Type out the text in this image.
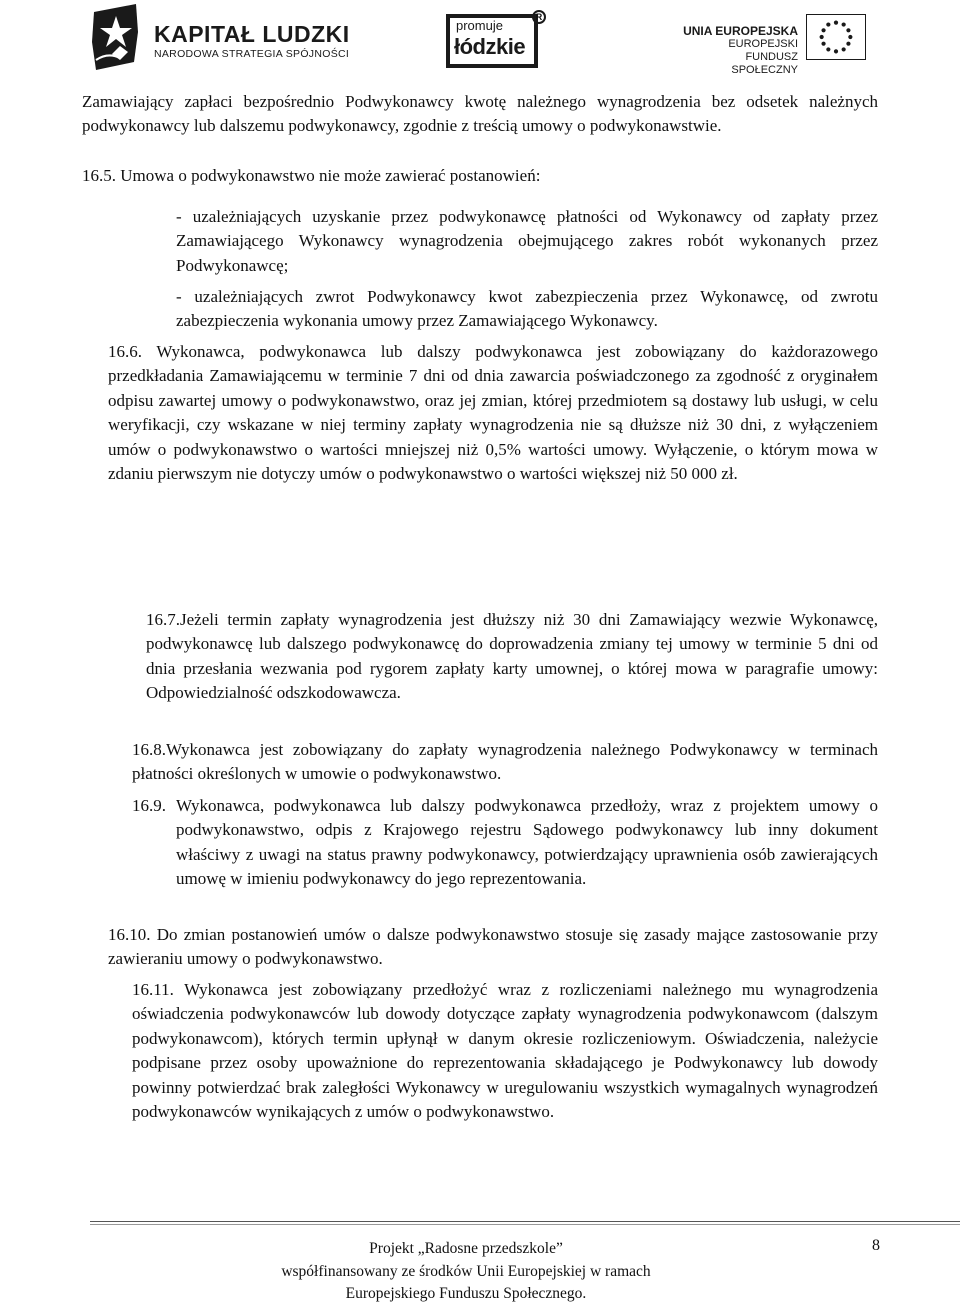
KAPITAŁ LUDZKI
NARODOWA STRATEGIA SPÓJNOŚCI
promuje
łódzkie
R
UNIA EUROPEJSKA
EUROPEJSKI
FUNDUSZ SPOŁECZNY
Zamawiający zapłaci bezpośrednio Podwykonawcy kwotę należnego wynagrodzenia bez odsetek należnych podwykonawcy lub dalszemu podwykonawcy, zgodnie z treścią umowy o podwykonawstwie.
16.5. Umowa o podwykonawstwo nie może zawierać postanowień:
- uzależniających uzyskanie przez podwykonawcę płatności od Wykonawcy od zapłaty przez Zamawiającego Wykonawcy wynagrodzenia obejmującego zakres robót wykonanych przez Podwykonawcę;
- uzależniających zwrot Podwykonawcy kwot zabezpieczenia przez Wykonawcę, od zwrotu zabezpieczenia wykonania umowy przez Zamawiającego Wykonawcy.
16.6. Wykonawca, podwykonawca lub dalszy podwykonawca jest zobowiązany do każdorazowego przedkładania Zamawiającemu w terminie 7 dni od dnia zawarcia poświadczonego za zgodność z oryginałem odpisu zawartej umowy o podwykonawstwo, oraz jej zmian, której przedmiotem są dostawy lub usługi, w celu weryfikacji, czy wskazane w niej terminy zapłaty wynagrodzenia nie są dłuższe niż 30 dni, z wyłączeniem umów o podwykonawstwo o wartości mniejszej niż 0,5% wartości umowy. Wyłączenie, o którym mowa w zdaniu pierwszym nie dotyczy umów o podwykonawstwo o wartości większej niż 50 000 zł.
16.7.Jeżeli termin zapłaty wynagrodzenia jest dłuższy niż 30 dni Zamawiający wezwie Wykonawcę, podwykonawcę lub dalszego podwykonawcę do doprowadzenia zmiany tej umowy w terminie 5 dni od dnia przesłania wezwania pod rygorem zapłaty karty umownej, o której mowa w paragrafie umowy: Odpowiedzialność odszkodowawcza.
16.8.Wykonawca jest zobowiązany do zapłaty wynagrodzenia należnego Podwykonawcy w terminach płatności określonych w umowie o podwykonawstwo.
16.9. Wykonawca, podwykonawca lub dalszy podwykonawca przedłoży, wraz z projektem umowy o podwykonawstwo, odpis z Krajowego rejestru Sądowego podwykonawcy lub inny dokument właściwy z uwagi na status prawny podwykonawcy, potwierdzający uprawnienia osób zawierających umowę w imieniu podwykonawcy do jego reprezentowania.
16.10. Do zmian postanowień umów o dalsze podwykonawstwo stosuje się zasady mające zastosowanie przy zawieraniu umowy o podwykonawstwo.
16.11. Wykonawca jest zobowiązany przedłożyć wraz z rozliczeniami należnego mu wynagrodzenia oświadczenia podwykonawców lub dowody dotyczące zapłaty wynagrodzenia podwykonawcom (dalszym podwykonawcom), których termin upłynął w danym okresie rozliczeniowym. Oświadczenia, należycie podpisane przez osoby upoważnione do reprezentowania składającego je Podwykonawcy lub dowody powinny potwierdzać brak zaległości Wykonawcy w uregulowaniu wszystkich wymagalnych wynagrodzeń podwykonawców wynikających z umów o podwykonawstwo.
Projekt „Radosne przedszkole”
współfinansowany ze środków Unii Europejskiej w ramach
Europejskiego Funduszu Społecznego.
8
